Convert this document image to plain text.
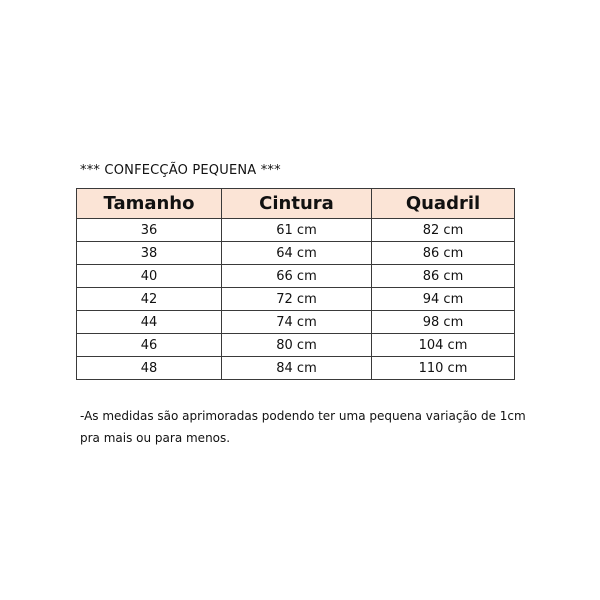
*** CONFECÇÃO PEQUENA ***
Tamanho	Cintura	Quadril
36	61 cm	82 cm
38	64 cm	86 cm
40	66 cm	86 cm
42	72 cm	94 cm
44	74 cm	98 cm
46	80 cm	104 cm
48	84 cm	110 cm
-As medidas são aprimoradas podendo ter uma pequena variação de 1cm pra mais ou para menos.
